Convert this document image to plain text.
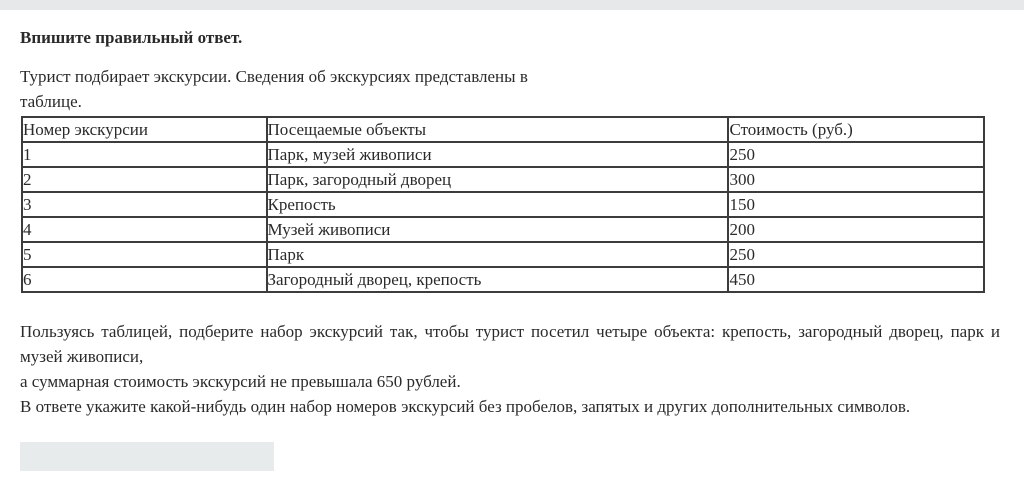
Впишите правильный ответ.

Турист подбирает экскурсии. Сведения об экскурсиях представлены в таблице.

Номер экскурсии	Посещаемые объекты	Стоимость (руб.)
1	Парк, музей живописи	250
2	Парк, загородный дворец	300
3	Крепость	150
4	Музей живописи	200
5	Парк	250
6	Загородный дворец, крепость	450

Пользуясь таблицей, подберите набор экскурсий так, чтобы турист посетил четыре объекта: крепость, загородный дворец, парк и музей живописи,

а суммарная стоимость экскурсий не превышала 650 рублей.

В ответе укажите какой-нибудь один набор номеров экскурсий без пробелов, запятых и других дополнительных символов.
